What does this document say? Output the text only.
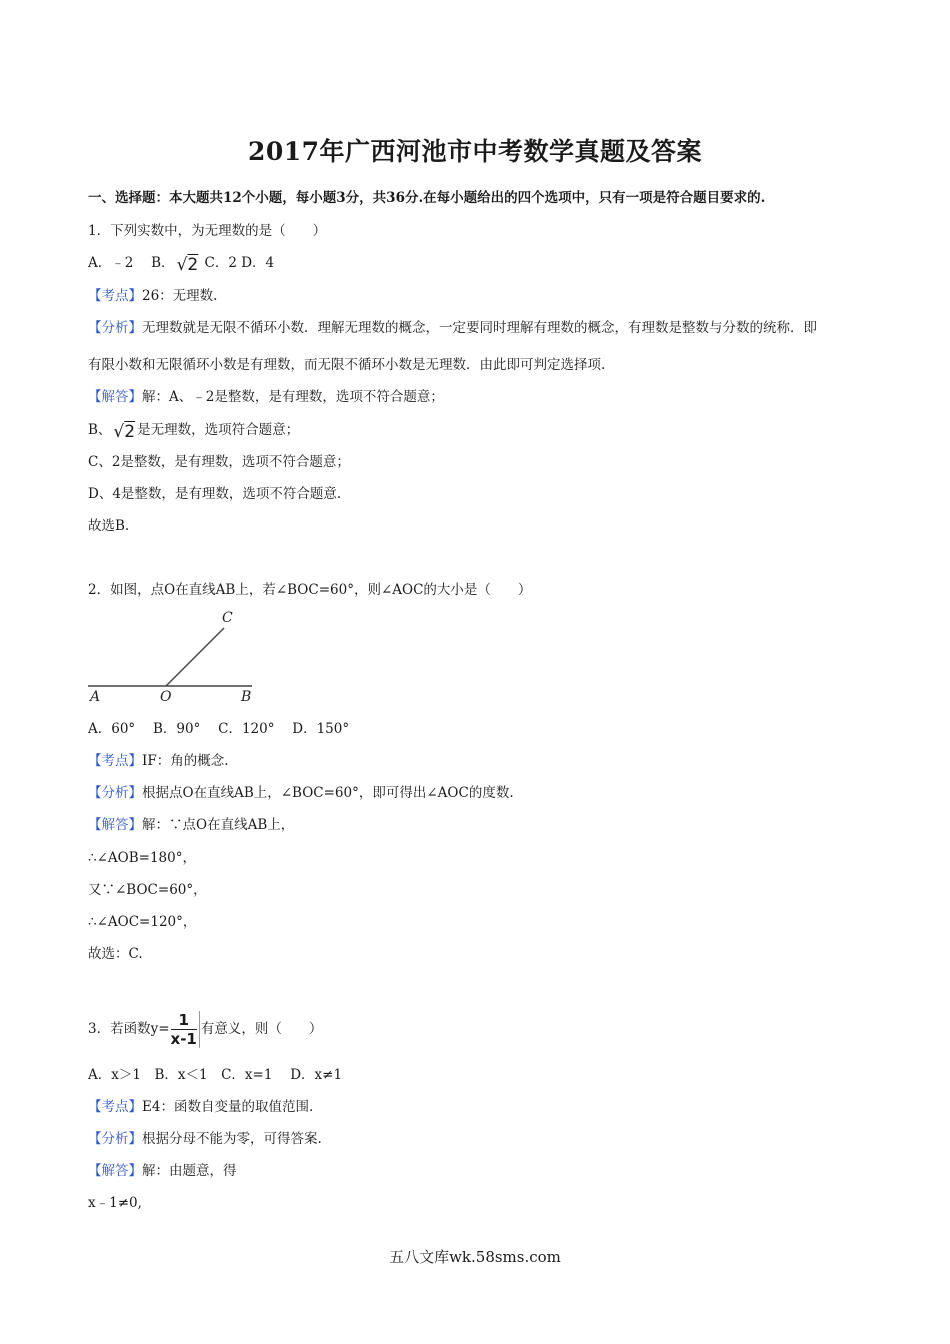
2017年广西河池市中考数学真题及答案
一、选择题：本大题共12个小题，每小题3分，共36分.在每小题给出的四个选项中，只有一项是符合题目要求的.
1．下列实数中，为无理数的是（　　）
A．﹣2　 B． √2 C．2 D．4
【考点】26：无理数.
【分析】无理数就是无限不循环小数．理解无理数的概念，一定要同时理解有理数的概念，有理数是整数与分数的统称．即
有限小数和无限循环小数是有理数，而无限不循环小数是无理数．由此即可判定选择项.
【解答】解：A、﹣2是整数，是有理数，选项不符合题意；
B、 √2 是无理数，选项符合题意；
C、2是整数，是有理数，选项不符合题意；
D、4是整数，是有理数，选项不符合题意.
故选B.
2．如图，点O在直线AB上，若∠BOC=60°，则∠AOC的大小是（　　）
A	O	B
C
A．60°　 B．90°　 C．120°　 D．150°
【考点】IF：角的概念.
【分析】根据点O在直线AB上，∠BOC=60°，即可得出∠AOC的度数.
【解答】解：∵点O在直线AB上，
∴∠AOB=180°，
又∵∠BOC=60°，
∴∠AOC=120°，
故选：C.
3．若函数$y= \frac{1}{x-1}$ 有意义，则（　　）
A．x＞1　B．x＜1　C．x=1　 D．x≠1
【考点】E4：函数自变量的取值范围.
【分析】根据分母不能为零，可得答案.
【解答】解：由题意，得
x﹣1≠0,
五八文库wk.58sms.com
